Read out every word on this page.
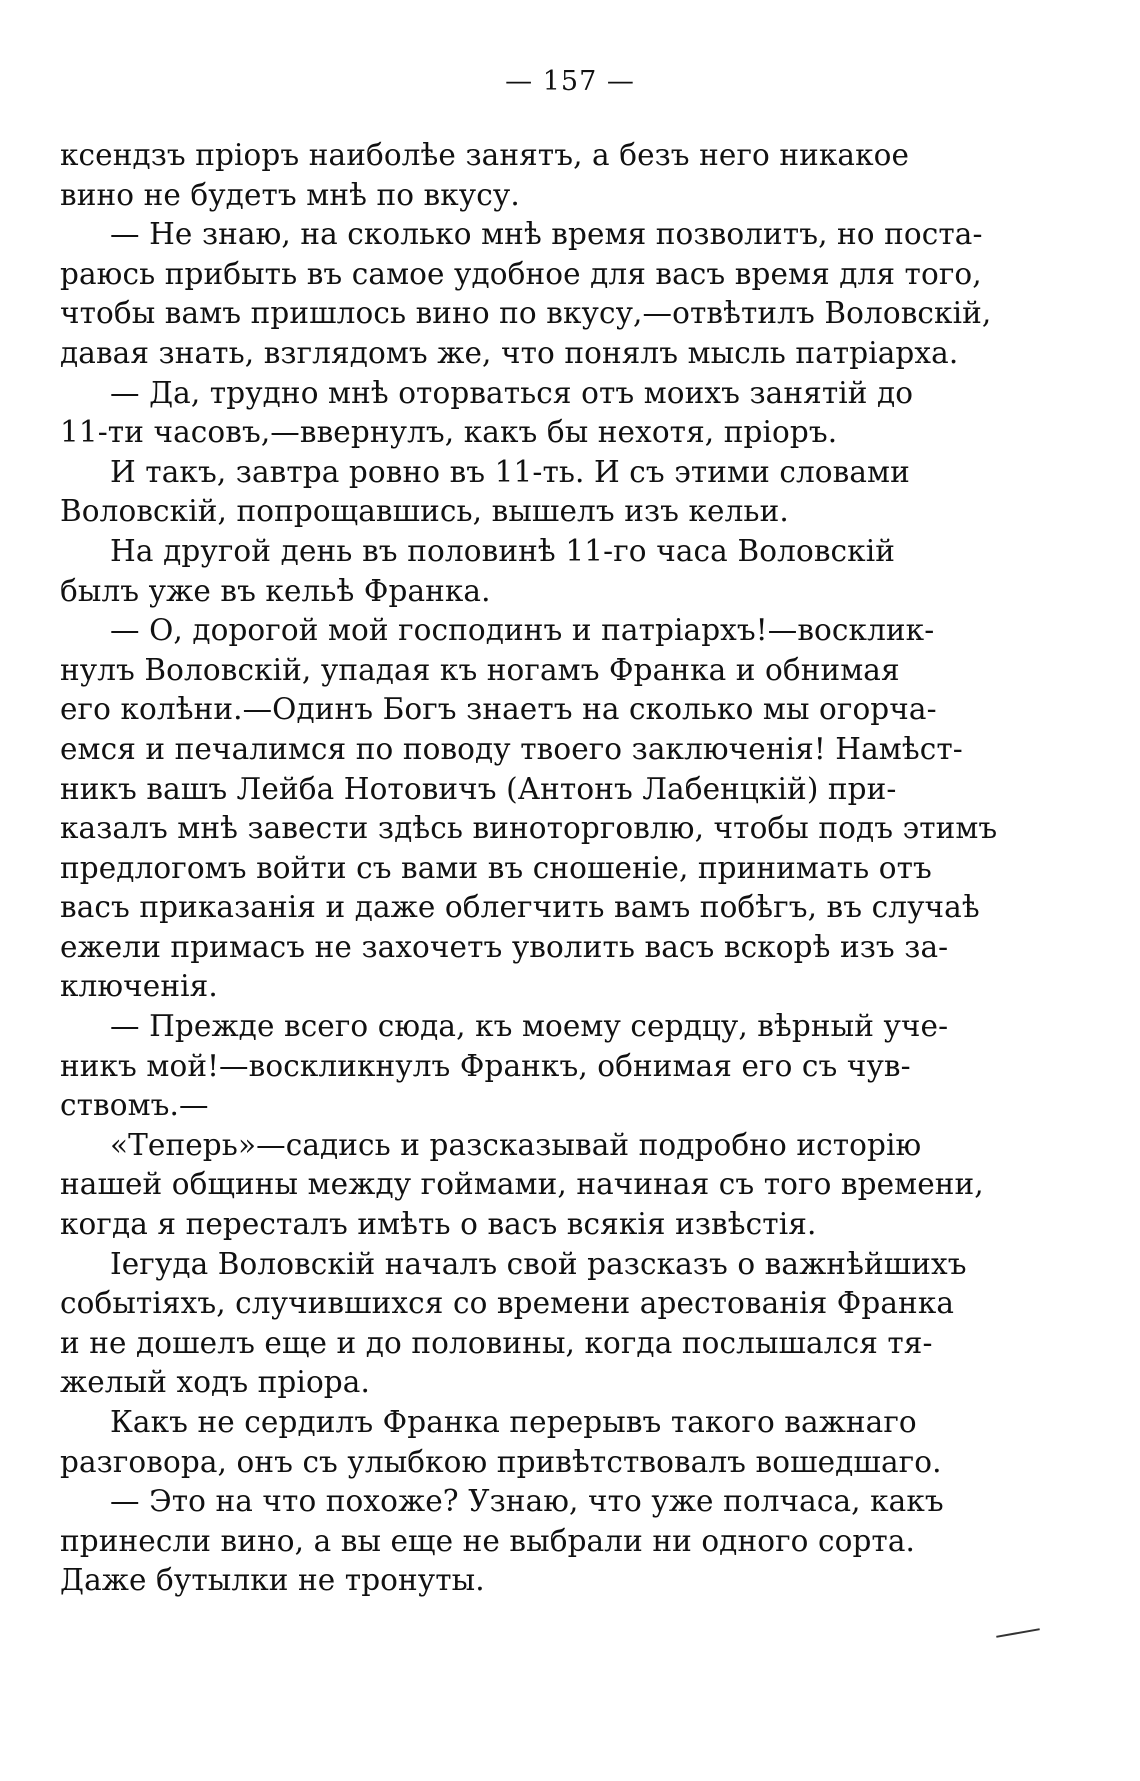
— 157 —
ксендзъ пріоръ наиболѣе занятъ, а безъ него никакое
вино не будетъ мнѣ по вкусу.
— Не знаю, на сколько мнѣ время позволитъ, но поста-
раюсь прибыть въ самое удобное для васъ время для того,
чтобы вамъ пришлось вино по вкусу,—отвѣтилъ Воловскій,
давая знать, взглядомъ же, что понялъ мысль патріарха.
— Да, трудно мнѣ оторваться отъ моихъ занятій до
11-ти часовъ,—ввернулъ, какъ бы нехотя, пріоръ.
И такъ, завтра ровно въ 11-ть. И съ этими словами
Воловскій, попрощавшись, вышелъ изъ кельи.
На другой день въ половинѣ 11-го часа Воловскій
былъ уже въ кельѣ Франка.
— О, дорогой мой господинъ и патріархъ!—восклик-
нулъ Воловскій, упадая къ ногамъ Франка и обнимая
его колѣни.—Одинъ Богъ знаетъ на сколько мы огорча-
емся и печалимся по поводу твоего заключенія! Намѣст-
никъ вашъ Лейба Нотовичъ (Антонъ Лабенцкій) при-
казалъ мнѣ завести здѣсь виноторговлю, чтобы подъ этимъ
предлогомъ войти съ вами въ сношеніе, принимать отъ
васъ приказанія и даже облегчить вамъ побѣгъ, въ случаѣ
ежели примасъ не захочетъ уволить васъ вскорѣ изъ за-
ключенія.
— Прежде всего сюда, къ моему сердцу, вѣрный уче-
никъ мой!—воскликнулъ Франкъ, обнимая его съ чув-
ствомъ.—
«Теперь»—садись и разсказывай подробно исторію
нашей общины между гоймами, начиная съ того времени,
когда я пересталъ имѣть о васъ всякія извѣстія.
Іегуда Воловскій началъ свой разсказъ о важнѣйшихъ
событіяхъ, случившихся со времени арестованія Франка
и не дошелъ еще и до половины, когда послышался тя-
желый ходъ пріора.
Какъ не сердилъ Франка перерывъ такого важнаго
разговора, онъ съ улыбкою привѣтствовалъ вошедшаго.
— Это на что похоже? Узнаю, что уже полчаса, какъ
принесли вино, а вы еще не выбрали ни одного сорта.
Даже бутылки не тронуты.
